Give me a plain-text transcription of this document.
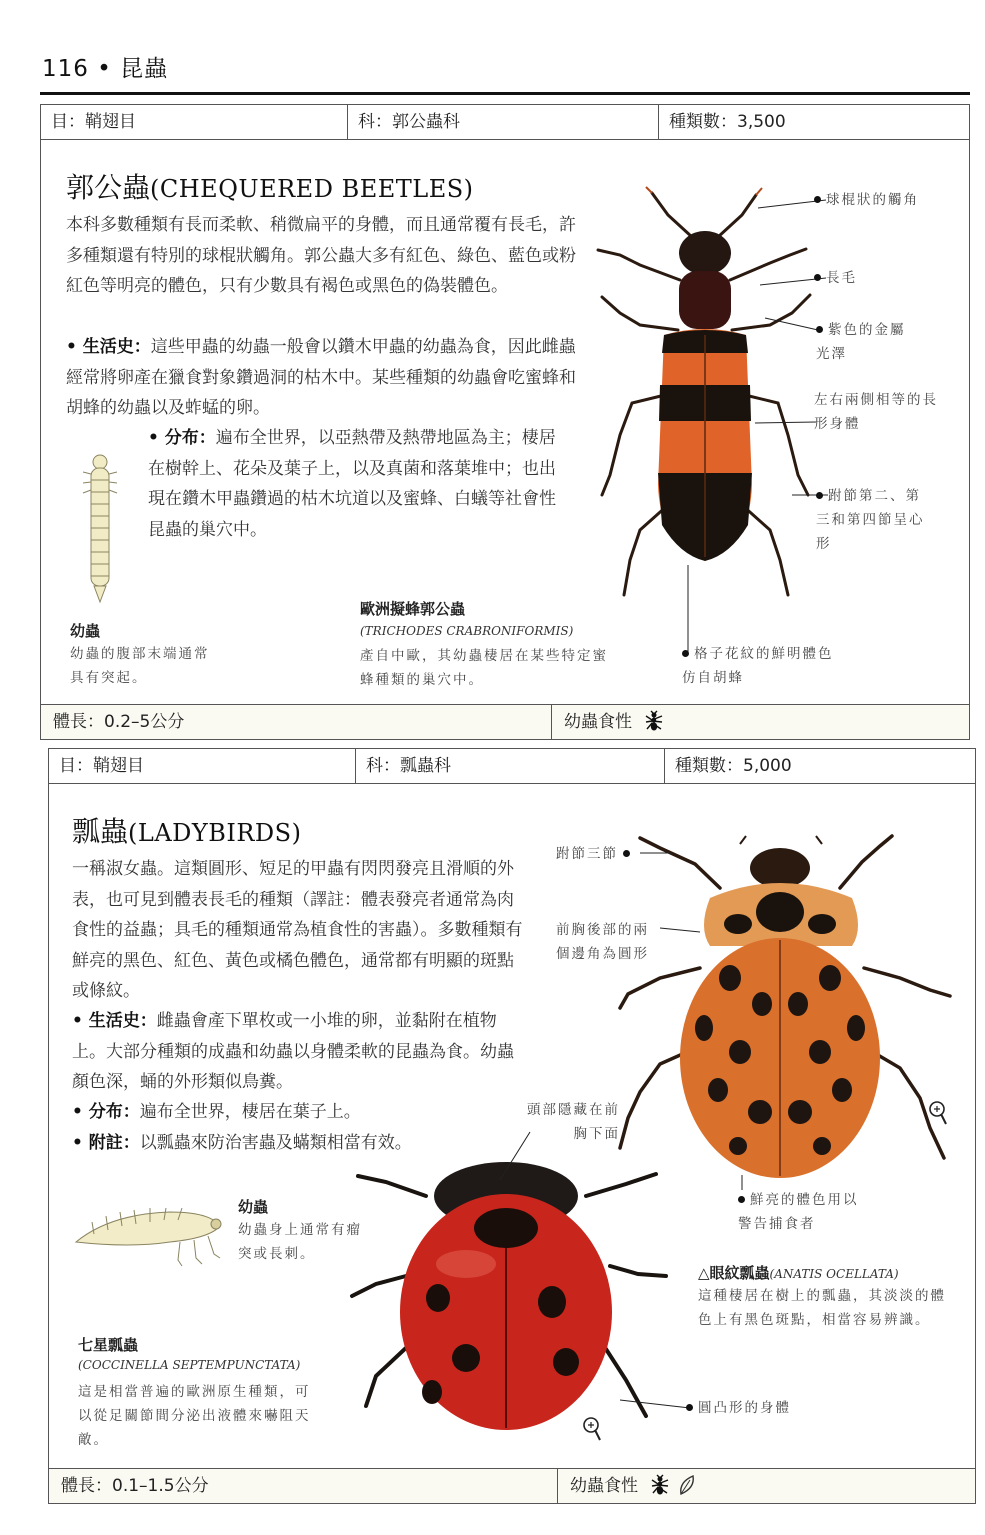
116 • 昆蟲
目：鞘翅目	科：郭公蟲科	種類數：3,500
體長：0.2–5公分	幼蟲食性
郭公蟲(CHEQUERED BEETLES)
本科多數種類有長而柔軟、稍微扁平的身體，而且通常覆有長毛，許多種類還有特別的球棍狀觸角。郭公蟲大多有紅色、綠色、藍色或粉紅色等明亮的體色，只有少數具有褐色或黑色的偽裝體色。
• 生活史：這些甲蟲的幼蟲一般會以鑽木甲蟲的幼蟲為食，因此雌蟲經常將卵產在獵食對象鑽過洞的枯木中。某些種類的幼蟲會吃蜜蜂和胡蜂的幼蟲以及蚱蜢的卵。
• 分布：遍布全世界，以亞熱帶及熱帶地區為主；棲居在樹幹上、花朵及葉子上，以及真菌和落葉堆中；也出現在鑽木甲蟲鑽過的枯木坑道以及蜜蜂、白蟻等社會性昆蟲的巢穴中。
幼蟲
幼蟲的腹部末端通常具有突起。
歐洲擬蜂郭公蟲
(TRICHODES CRABRONIFORMIS)
產自中歐，其幼蟲棲居在某些特定蜜蜂種類的巢穴中。
球棍狀的觸角
長毛
紫色的金屬光澤
左右兩側相等的長形身體
跗節第二、第三和第四節呈心形
格子花紋的鮮明體色仿自胡蜂
目：鞘翅目	科：瓢蟲科	種類數：5,000
體長：0.1–1.5公分	幼蟲食性
瓢蟲(LADYBIRDS)
一稱淑女蟲。這類圓形、短足的甲蟲有閃閃發亮且滑順的外表，也可見到體表長毛的種類（譯註：體表發亮者通常為肉食性的益蟲；具毛的種類通常為植食性的害蟲）。多數種類有鮮亮的黑色、紅色、黃色或橘色體色，通常都有明顯的斑點或條紋。
• 生活史：雌蟲會產下單枚或一小堆的卵，並黏附在植物上。大部分種類的成蟲和幼蟲以身體柔軟的昆蟲為食。幼蟲顏色深，蛹的外形類似鳥糞。
• 分布：遍布全世界，棲居在葉子上。
• 附註：以瓢蟲來防治害蟲及蟎類相當有效。
幼蟲
幼蟲身上通常有瘤突或長刺。
七星瓢蟲
(COCCINELLA SEPTEMPUNCTATA)
這是相當普遍的歐洲原生種類，可以從足關節間分泌出液體來嚇阻天敵。
△眼紋瓢蟲(ANATIS OCELLATA)
這種棲居在樹上的瓢蟲，其淡淡的體色上有黑色斑點，相當容易辨識。
跗節三節
前胸後部的兩個邊角為圓形
頭部隱藏在前胸下面
鮮亮的體色用以警告捕食者
圓凸形的身體
